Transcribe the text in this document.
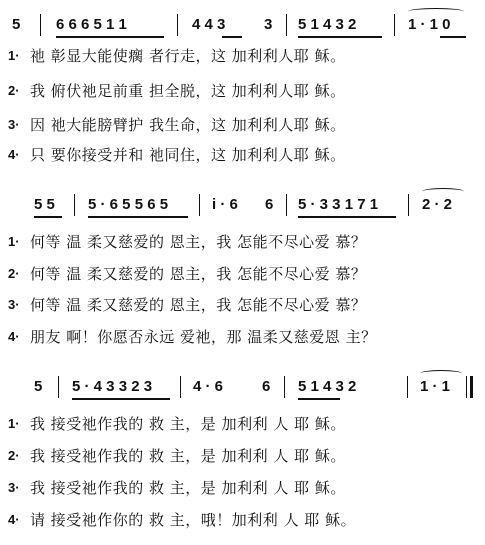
5 6 6 6 5 1 1	4 4 3	3 5 1 4 3 2	1 · 1 0
1· 祂 彰显大能使瘸 者行走，这 加利利人耶 稣。
2· 我 俯伏祂足前重 担全脱，这 加利利人耶 稣。
3· 因 祂大能膀臂护 我生命，这 加利利人耶 稣。
4· 只 要你接受并和 祂同住，这 加利利人耶 稣。
5 5 5 · 6 5 5 6 5	i · 6 6 5 · 3 3 1 7 1	2 · 2
1· 何等 温 柔又慈爱的 恩主，我 怎能不尽心爱 慕？
2· 何等 温 柔又慈爱的 恩主，我 怎能不尽心爱 慕？
3· 何等 温 柔又慈爱的 恩主，我 怎能不尽心爱 慕？
4· 朋友 啊！你愿否永远 爱祂，那 温柔又慈爱恩 主？
5 5 · 4 3 3 2 3	4 · 6	6 5 1 4 3 2	1 · 1
1· 我 接受祂作我的 救 主，是 加利利 人 耶 稣。
2· 我 接受祂作我的 救 主，是 加利利 人 耶 稣。
3· 我 接受祂作我的 救 主，是 加利利 人 耶 稣。
4· 请 接受祂作你的 救 主，哦！加利利 人 耶 稣。
